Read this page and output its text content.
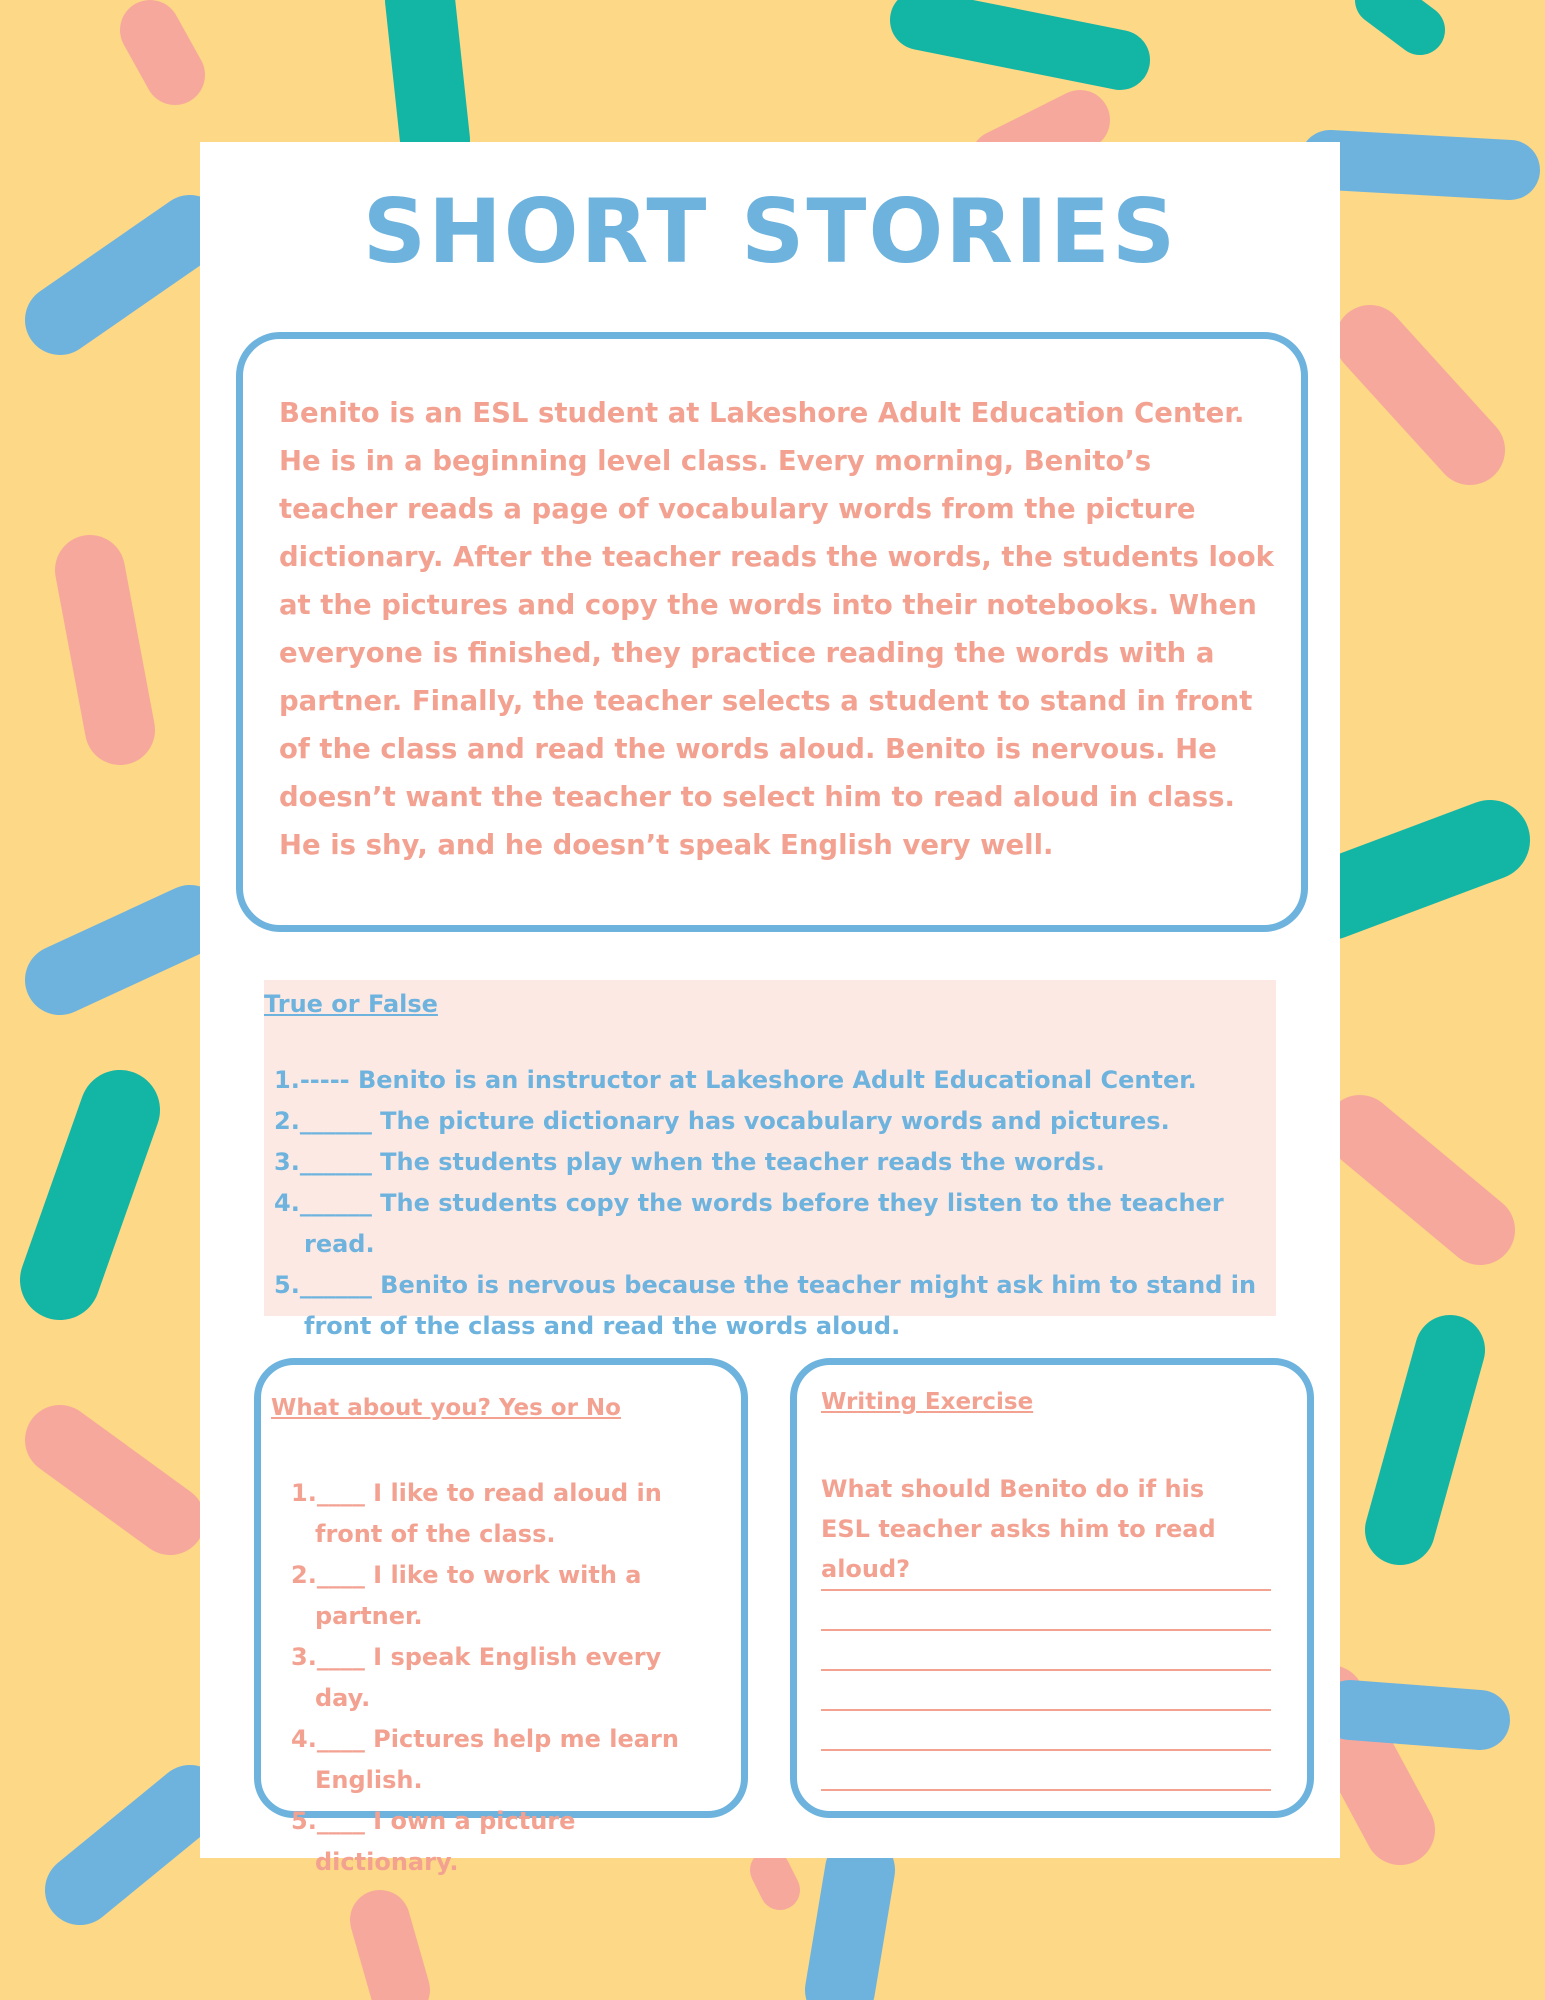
SHORT STORIES

Benito is an ESL student at Lakeshore Adult Education Center. He is in a beginning level class. Every morning, Benito’s teacher reads a page of vocabulary words from the picture dictionary. After the teacher reads the words, the students look at the pictures and copy the words into their notebooks. When everyone is finished, they practice reading the words with a partner. Finally, the teacher selects a student to stand in front of the class and read the words aloud. Benito is nervous. He doesn’t want the teacher to select him to read aloud in class. He is shy, and he doesn’t speak English very well.

True or False
1.----- Benito is an instructor at Lakeshore Adult Educational Center.
2.______ The picture dictionary has vocabulary words and pictures.
3.______ The students play when the teacher reads the words.
4.______ The students copy the words before they listen to the teacher read.
5.______ Benito is nervous because the teacher might ask him to stand in front of the class and read the words aloud.
What about you? Yes or No
1.____ I like to read aloud in front of the class.
2.____ I like to work with a partner.
3.____ I speak English every day.
4.____ Pictures help me learn English.
5.____ I own a picture dictionary.
Writing Exercise
What should Benito do if his ESL teacher asks him to read aloud?
